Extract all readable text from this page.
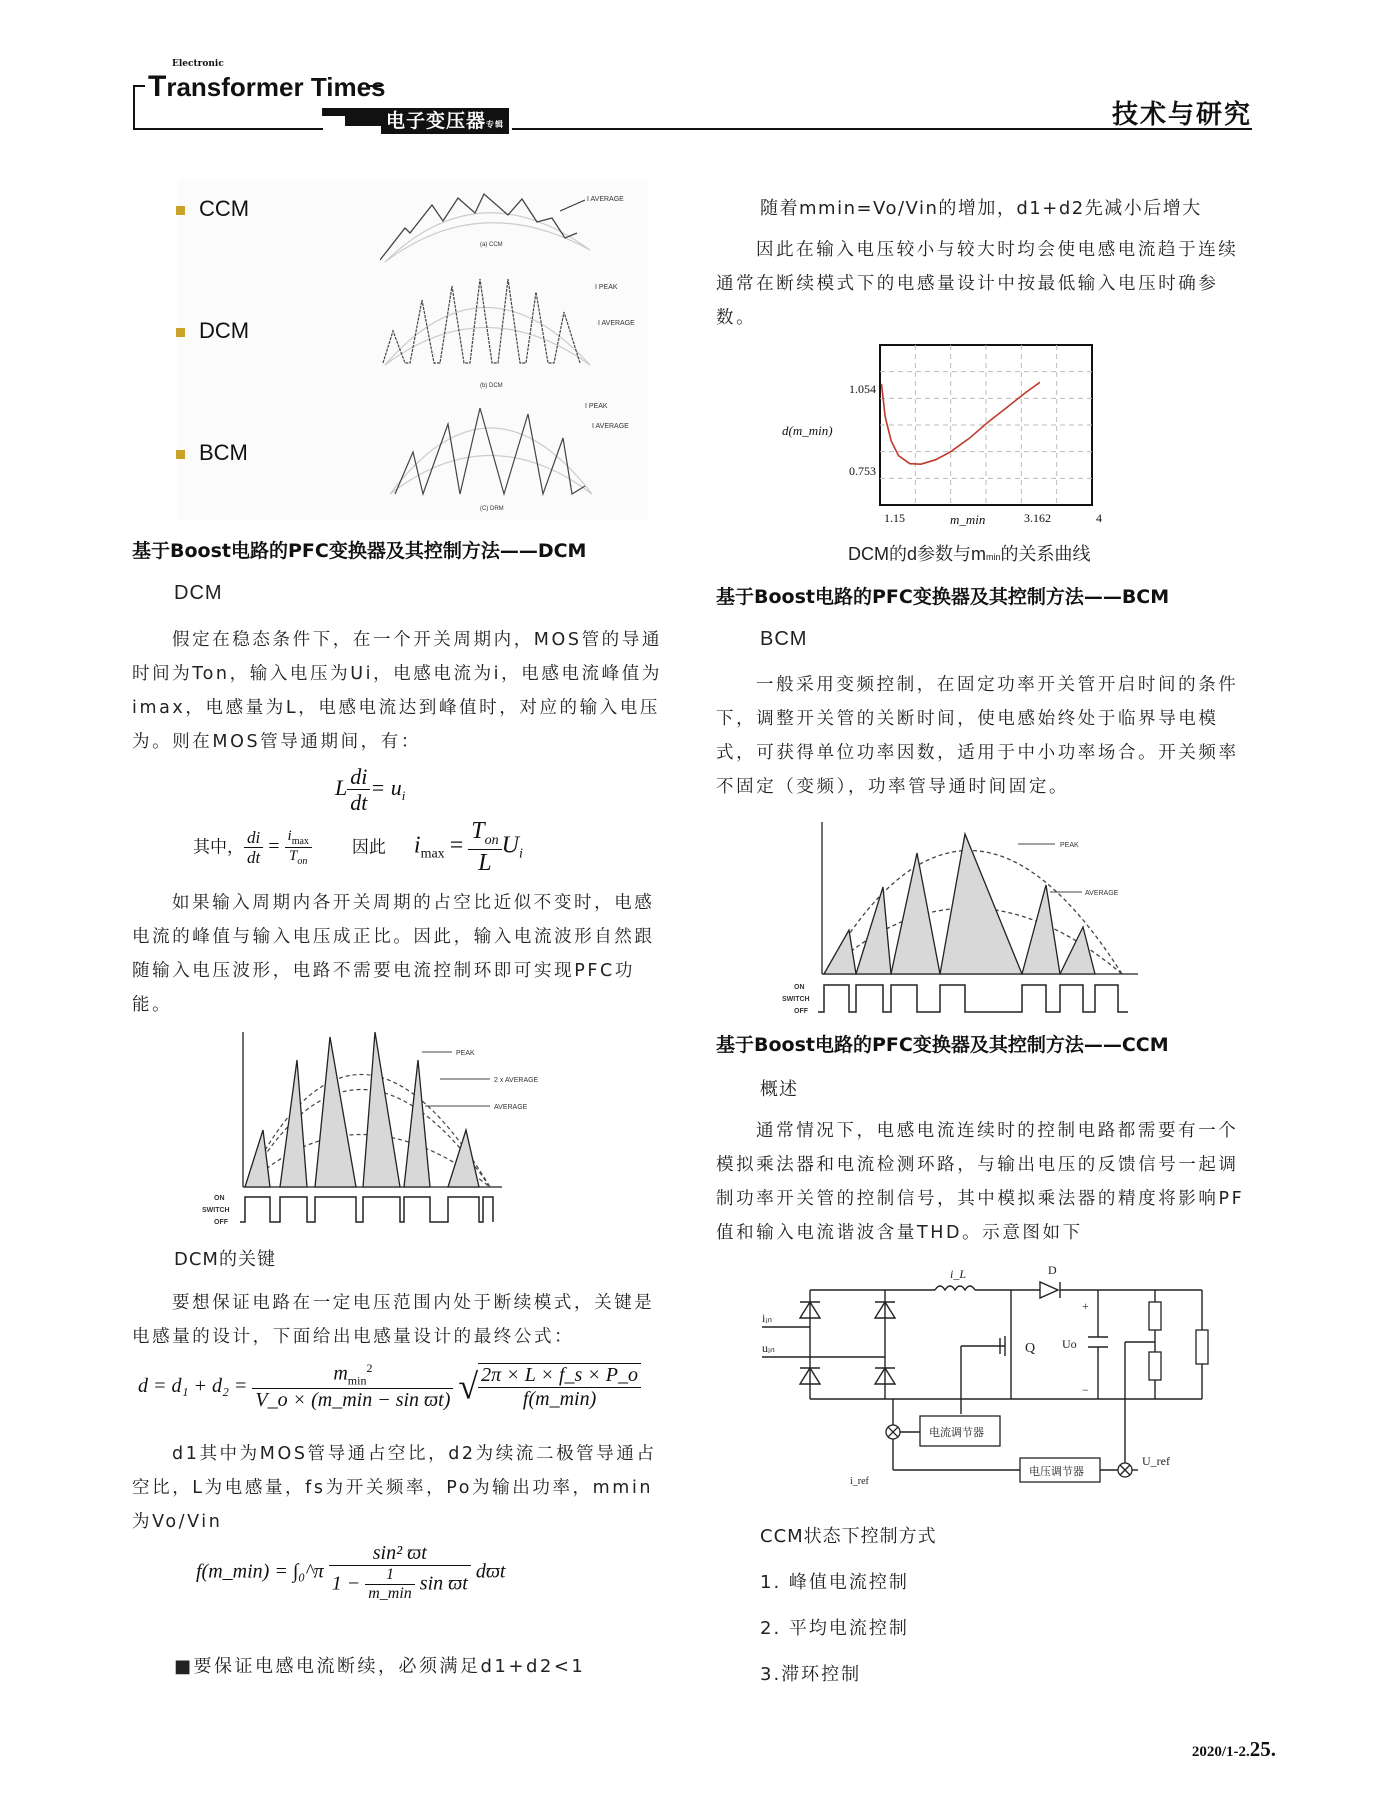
Electronic
Transformer Times
电子变压器专辑	技术与研究
CCM
DCM
BCM
I AVERAGE
(a) CCM
I PEAK
I AVERAGE
(b) DCM
I PEAK
I AVERAGE
(C) DRM
基于Boost电路的PFC变换器及其控制方法——DCM
DCM

假定在稳态条件下，在一个开关周期内，MOS管的导通时间为Ton，输入电压为Ui，电感电流为i，电感电流峰值为imax，电感量为L，电感电流达到峰值时，对应的输入电压为。则在MOS管导通期间，有：

L $\frac{di}{dt} = u_i$
其中， $\frac{di}{dt} = \frac{i_{max}}{T_{on}}$ 因此 $i_{max} = \frac{T_{on}}{L} U_i$

如果输入周期内各开关周期的占空比近似不变时，电感电流的峰值与输入电压成正比。因此，输入电流波形自然跟随输入电压波形，电路不需要电流控制环即可实现PFC功能。

PEAK
2 x AVERAGE
AVERAGE
ON
SWITCH
OFF
DCM的关键

要想保证电路在一定电压范围内处于断续模式，关键是电感量的设计，下面给出电感量设计的最终公式：

$d = d_1 + d_2 = \frac{m_{min}^2}{\text{V\_o × (m\_min − sin ϖt)}}$ √ $\frac{2\pi \times L \times f\_s \times P\_o}{f(m\_\min)}$

d1其中为MOS管导通占空比，d2为续流二极管导通占空比，L为电感量，fs为开关频率，Po为输出功率，mmin为Vo/Vin

f(m_min) = ∫₀^π $\frac{\text{sin² ϖt}}{1 - \frac{1}{m\_\min} \sin ϖt}$ dϖt
■要保证电感电流断续，必须满足d1+d2<1
随着mmin=Vo/Vin的增加，d1+d2先减小后增大

因此在输入电压较小与较大时均会使电感电流趋于连续通常在断续模式下的电感量设计中按最低输入电压时确参数。

1.054
0.753
d(m_min)
1.15	3.162	4
m_min
DCM的d参数与mmin的关系曲线
基于Boost电路的PFC变换器及其控制方法——BCM
BCM

一般采用变频控制，在固定功率开关管开启时间的条件下，调整开关管的关断时间，使电感始终处于临界导电模式，可获得单位功率因数，适用于中小功率场合。开关频率不固定（变频），功率管导通时间固定。

PEAK
AVERAGE
ON
SWITCH
OFF
基于Boost电路的PFC变换器及其控制方法——CCM
概述

通常情况下，电感电流连续时的控制电路都需要有一个模拟乘法器和电流检测环路，与输出电压的反馈信号一起调制功率开关管的控制信号，其中模拟乘法器的精度将影响PF值和输入电流谐波含量THD。示意图如下

电流调节器
电压调节器
iᵢₙ
uᵢₙ
i_L	D
Q Uo
+
−
U_ref
i_ref
CCM状态下控制方式
1. 峰值电流控制
2. 平均电流控制
3.滞环控制
2020/1-2.25.
